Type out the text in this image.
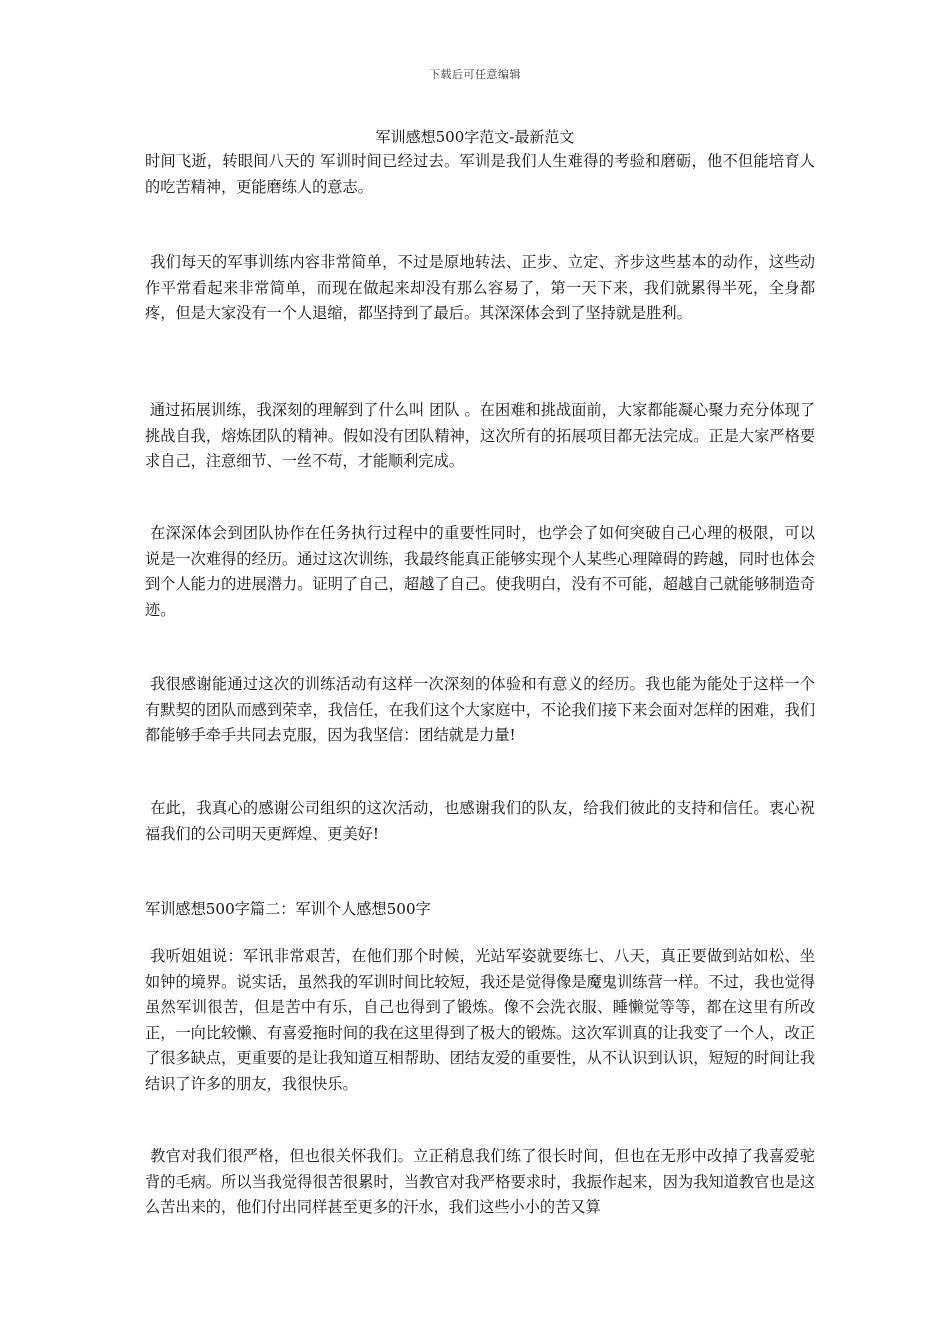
下载后可任意编辑
军训感想500字范文-最新范文

时间飞逝，转眼间八天的 军训时间已经过去。军训是我们人生难得的考验和磨砺，他不但能培育人的吃苦精神，更能磨练人的意志。

我们每天的军事训练内容非常简单，不过是原地转法、正步、立定、齐步这些基本的动作，这些动作平常看起来非常简单，而现在做起来却没有那么容易了，第一天下来，我们就累得半死，全身都疼，但是大家没有一个人退缩，都坚持到了最后。其深深体会到了坚持就是胜利。

通过拓展训练，我深刻的理解到了什么叫 团队 。在困难和挑战面前，大家都能凝心聚力充分体现了挑战自我，熔炼团队的精神。假如没有团队精神，这次所有的拓展项目都无法完成。正是大家严格要求自己，注意细节、一丝不苟，才能顺利完成。

在深深体会到团队协作在任务执行过程中的重要性同时，也学会了如何突破自己心理的极限，可以说是一次难得的经历。通过这次训练，我最终能真正能够实现个人某些心理障碍的跨越，同时也体会到个人能力的进展潜力。证明了自己，超越了自己。使我明白，没有不可能，超越自己就能够制造奇迹。

我很感谢能通过这次的训练活动有这样一次深刻的体验和有意义的经历。我也能为能处于这样一个有默契的团队而感到荣幸，我信任，在我们这个大家庭中，不论我们接下来会面对怎样的困难，我们都能够手牵手共同去克服，因为我坚信：团结就是力量!

在此，我真心的感谢公司组织的这次活动，也感谢我们的队友，给我们彼此的支持和信任。衷心祝福我们的公司明天更辉煌、更美好!

军训感想500字篇二：军训个人感想500字

我听姐姐说：军讯非常艰苦，在他们那个时候，光站军姿就要练七、八天，真正要做到站如松、坐如钟的境界。说实话，虽然我的军训时间比较短，我还是觉得像是魔鬼训练营一样。不过，我也觉得虽然军训很苦，但是苦中有乐，自己也得到了锻炼。像不会洗衣服、睡懒觉等等，都在这里有所改正，一向比较懒、有喜爱拖时间的我在这里得到了极大的锻炼。这次军训真的让我变了一个人，改正了很多缺点，更重要的是让我知道互相帮助、团结友爱的重要性，从不认识到认识，短短的时间让我结识了许多的朋友，我很快乐。

教官对我们很严格，但也很关怀我们。立正稍息我们练了很长时间，但也在无形中改掉了我喜爱驼背的毛病。所以当我觉得很苦很累时，当教官对我严格要求时，我振作起来，因为我知道教官也是这么苦出来的，他们付出同样甚至更多的汗水，我们这些小小的苦又算
